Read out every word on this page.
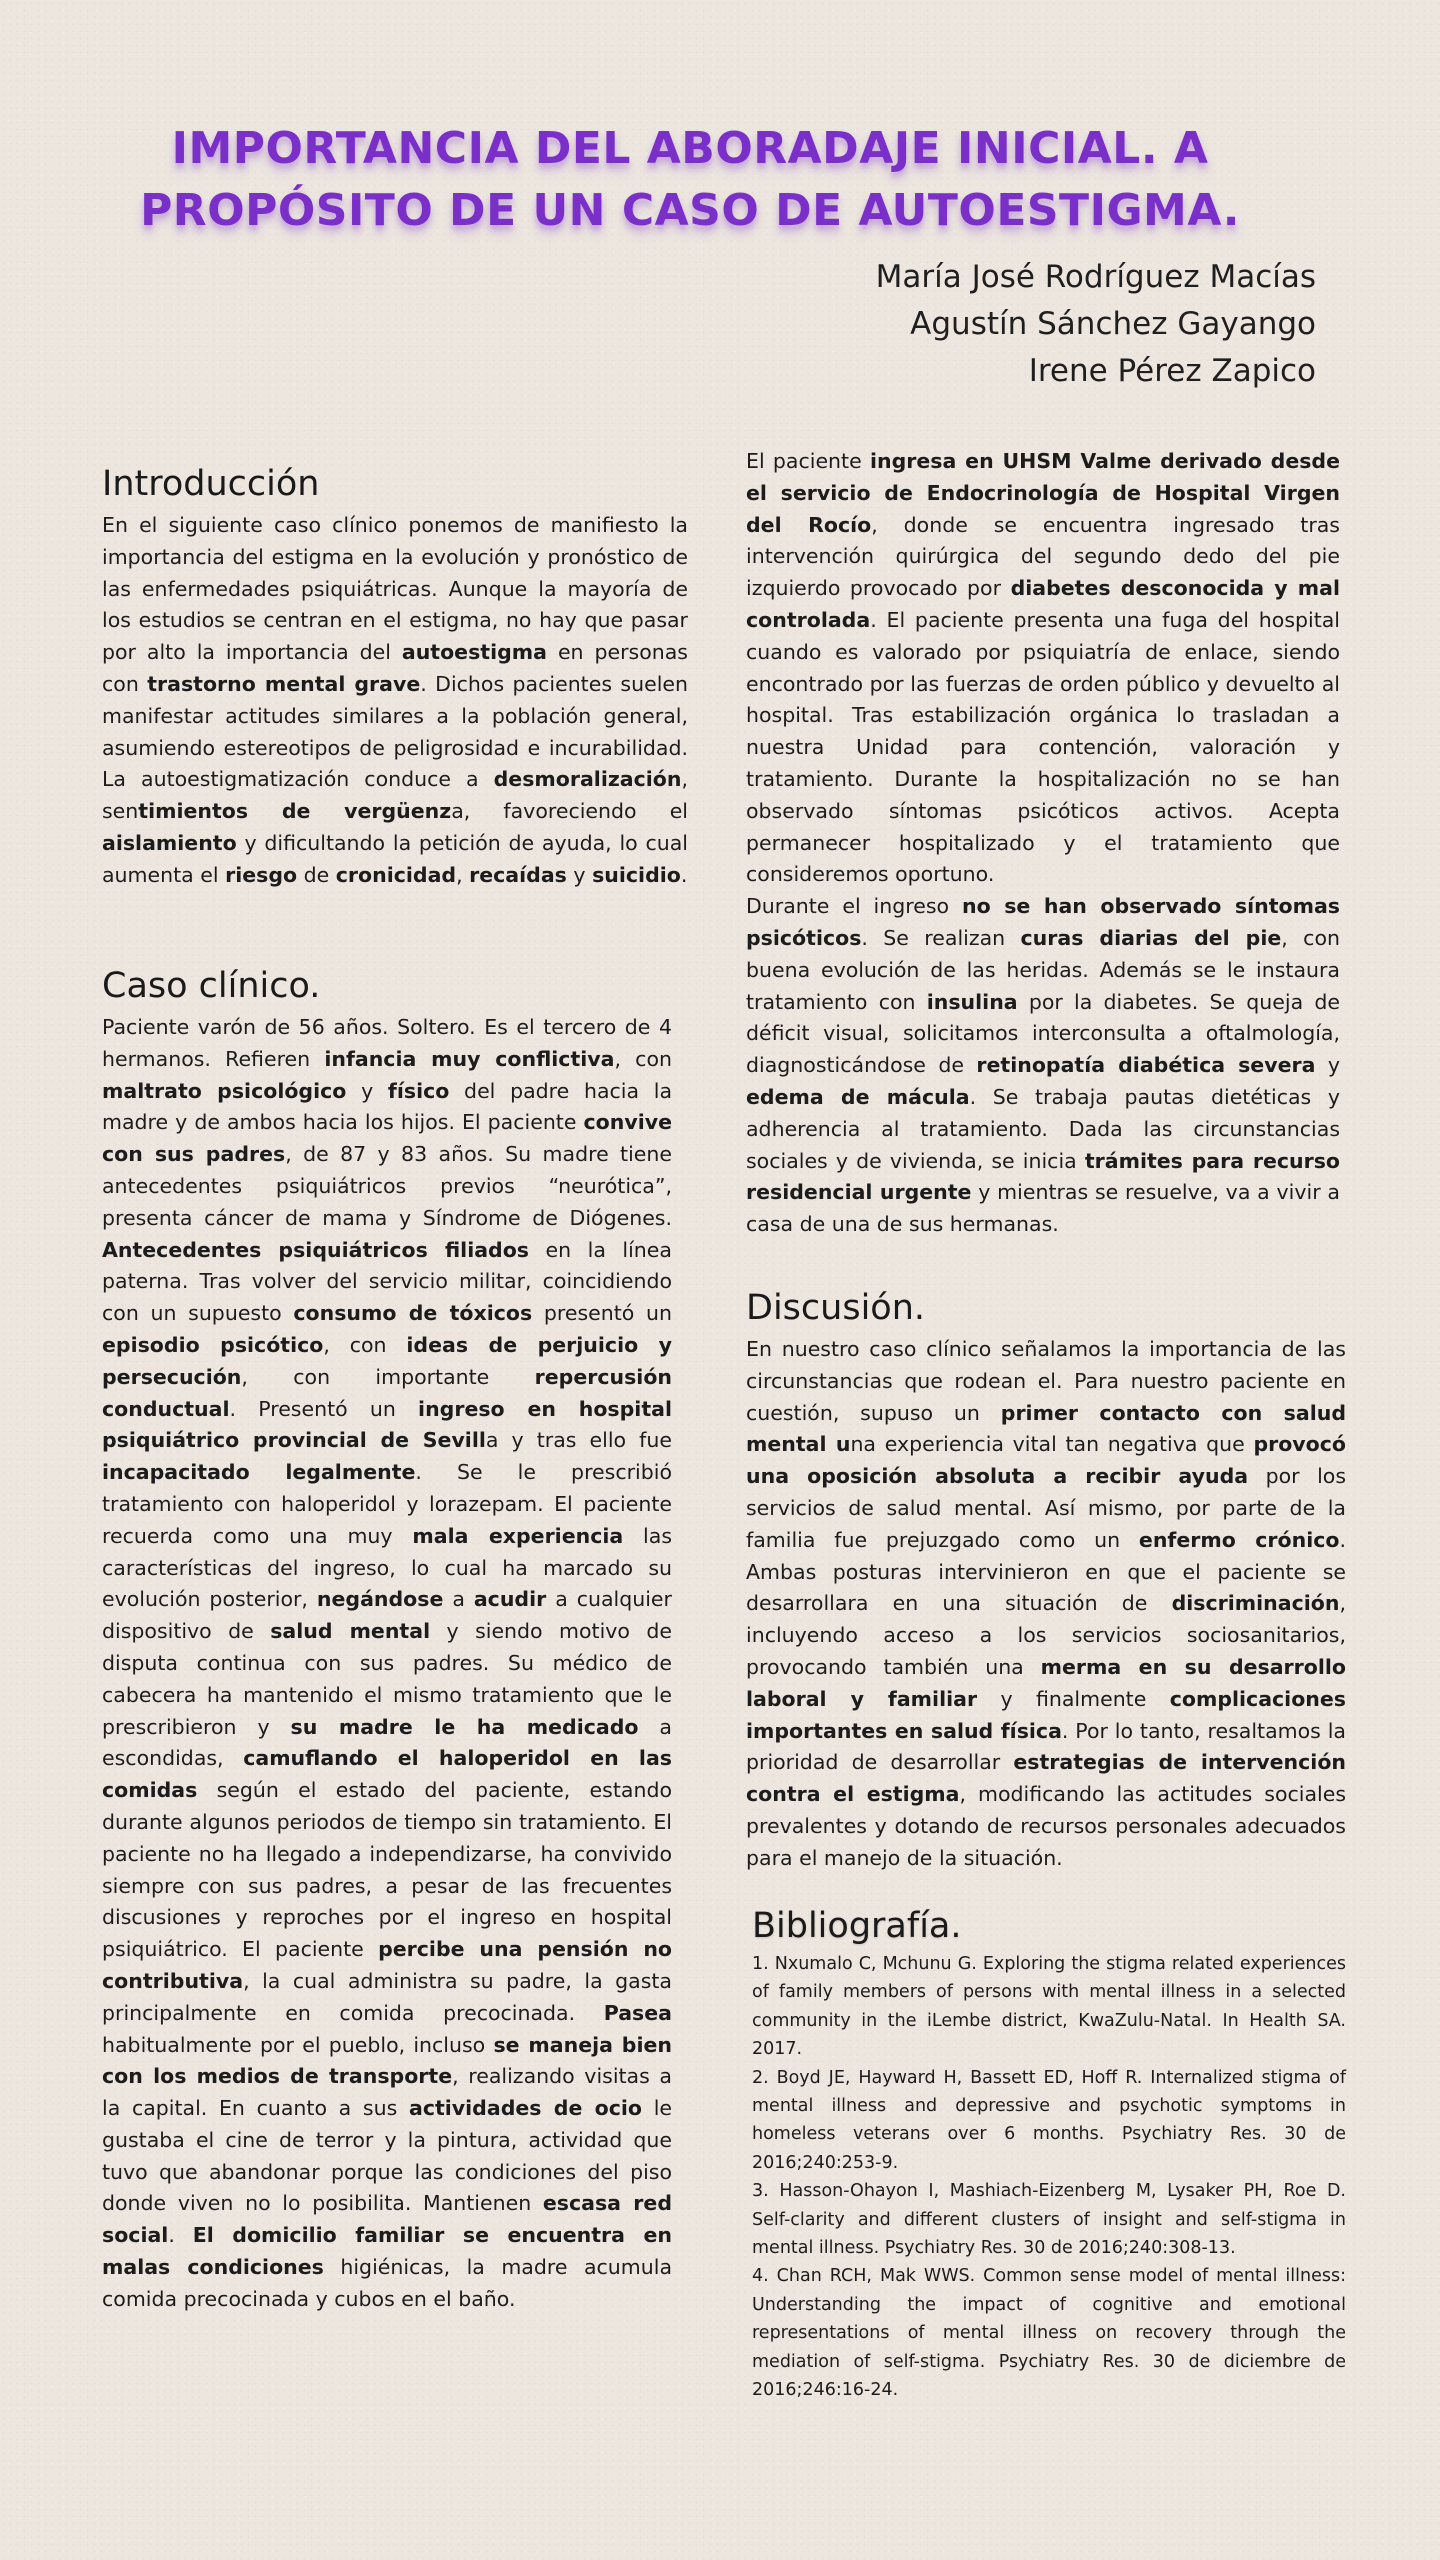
IMPORTANCIA DEL ABORADAJE INICIAL. A
PROPÓSITO DE UN CASO DE AUTOESTIGMA.
María José Rodríguez Macías
Agustín Sánchez Gayango
Irene Pérez Zapico
Introducción

En el siguiente caso clínico ponemos de manifiesto la importancia del estigma en la evolución y pronóstico de las enfermedades psiquiátricas. Aunque la mayoría de los estudios se centran en el estigma, no hay que pasar por alto la importancia del autoestigma en personas con trastorno mental grave. Dichos pacientes suelen manifestar actitudes similares a la población general, asumiendo estereotipos de peligrosidad e incurabilidad. La autoestigmatización conduce a desmoralización, sentimientos de vergüenza, favoreciendo el aislamiento y dificultando la petición de ayuda, lo cual aumenta el riesgo de cronicidad, recaídas y suicidio.

Caso clínico.

Paciente varón de 56 años. Soltero. Es el tercero de 4 hermanos. Refieren infancia muy conflictiva, con maltrato psicológico y físico del padre hacia la madre y de ambos hacia los hijos. El paciente convive con sus padres, de 87 y 83 años. Su madre tiene antecedentes psiquiátricos previos “neurótica”, presenta cáncer de mama y Síndrome de Diógenes. Antecedentes psiquiátricos filiados en la línea paterna. Tras volver del servicio militar, coincidiendo con un supuesto consumo de tóxicos presentó un episodio psicótico, con ideas de perjuicio y persecución, con importante repercusión conductual. Presentó un ingreso en hospital psiquiátrico provincial de Sevilla y tras ello fue incapacitado legalmente. Se le prescribió tratamiento con haloperidol y lorazepam. El paciente recuerda como una muy mala experiencia las características del ingreso, lo cual ha marcado su evolución posterior, negándose a acudir a cualquier dispositivo de salud mental y siendo motivo de disputa continua con sus padres. Su médico de cabecera ha mantenido el mismo tratamiento que le prescribieron y su madre le ha medicado a escondidas, camuflando el haloperidol en las comidas según el estado del paciente, estando durante algunos periodos de tiempo sin tratamiento. El paciente no ha llegado a independizarse, ha convivido siempre con sus padres, a pesar de las frecuentes discusiones y reproches por el ingreso en hospital psiquiátrico. El paciente percibe una pensión no contributiva, la cual administra su padre, la gasta principalmente en comida precocinada. Pasea habitualmente por el pueblo, incluso se maneja bien con los medios de transporte, realizando visitas a la capital. En cuanto a sus actividades de ocio le gustaba el cine de terror y la pintura, actividad que tuvo que abandonar porque las condiciones del piso donde viven no lo posibilita. Mantienen escasa red social. El domicilio familiar se encuentra en malas condiciones higiénicas, la madre acumula comida precocinada y cubos en el baño.

El paciente ingresa en UHSM Valme derivado desde el servicio de Endocrinología de Hospital Virgen del Rocío, donde se encuentra ingresado tras intervención quirúrgica del segundo dedo del pie izquierdo provocado por diabetes desconocida y mal controlada. El paciente presenta una fuga del hospital cuando es valorado por psiquiatría de enlace, siendo encontrado por las fuerzas de orden público y devuelto al hospital. Tras estabilización orgánica lo trasladan a nuestra Unidad para contención, valoración y tratamiento. Durante la hospitalización no se han observado síntomas psicóticos activos. Acepta permanecer hospitalizado y el tratamiento que consideremos oportuno.

Durante el ingreso no se han observado síntomas psicóticos. Se realizan curas diarias del pie, con buena evolución de las heridas. Además se le instaura tratamiento con insulina por la diabetes. Se queja de déficit visual, solicitamos interconsulta a oftalmología, diagnosticándose de retinopatía diabética severa y edema de mácula. Se trabaja pautas dietéticas y adherencia al tratamiento. Dada las circunstancias sociales y de vivienda, se inicia trámites para recurso residencial urgente y mientras se resuelve, va a vivir a casa de una de sus hermanas.

Discusión.

En nuestro caso clínico señalamos la importancia de las circunstancias que rodean el. Para nuestro paciente en cuestión, supuso un primer contacto con salud mental una experiencia vital tan negativa que provocó una oposición absoluta a recibir ayuda por los servicios de salud mental. Así mismo, por parte de la familia fue prejuzgado como un enfermo crónico. Ambas posturas intervinieron en que el paciente se desarrollara en una situación de discriminación, incluyendo acceso a los servicios sociosanitarios, provocando también una merma en su desarrollo laboral y familiar y finalmente complicaciones importantes en salud física. Por lo tanto, resaltamos la prioridad de desarrollar estrategias de intervención contra el estigma, modificando las actitudes sociales prevalentes y dotando de recursos personales adecuados para el manejo de la situación.

Bibliografía.
1. Nxumalo C, Mchunu G. Exploring the stigma related experiences of family members of persons with mental illness in a selected community in the iLembe district, KwaZulu-Natal. In Health SA. 2017.
2. Boyd JE, Hayward H, Bassett ED, Hoff R. Internalized stigma of mental illness and depressive and psychotic symptoms in homeless veterans over 6 months. Psychiatry Res. 30 de 2016;240:253-9.
3. Hasson-Ohayon I, Mashiach-Eizenberg M, Lysaker PH, Roe D. Self-clarity and different clusters of insight and self-stigma in mental illness. Psychiatry Res. 30 de 2016;240:308-13.
4. Chan RCH, Mak WWS. Common sense model of mental illness: Understanding the impact of cognitive and emotional representations of mental illness on recovery through the mediation of self-stigma. Psychiatry Res. 30 de diciembre de 2016;246:16-24.
